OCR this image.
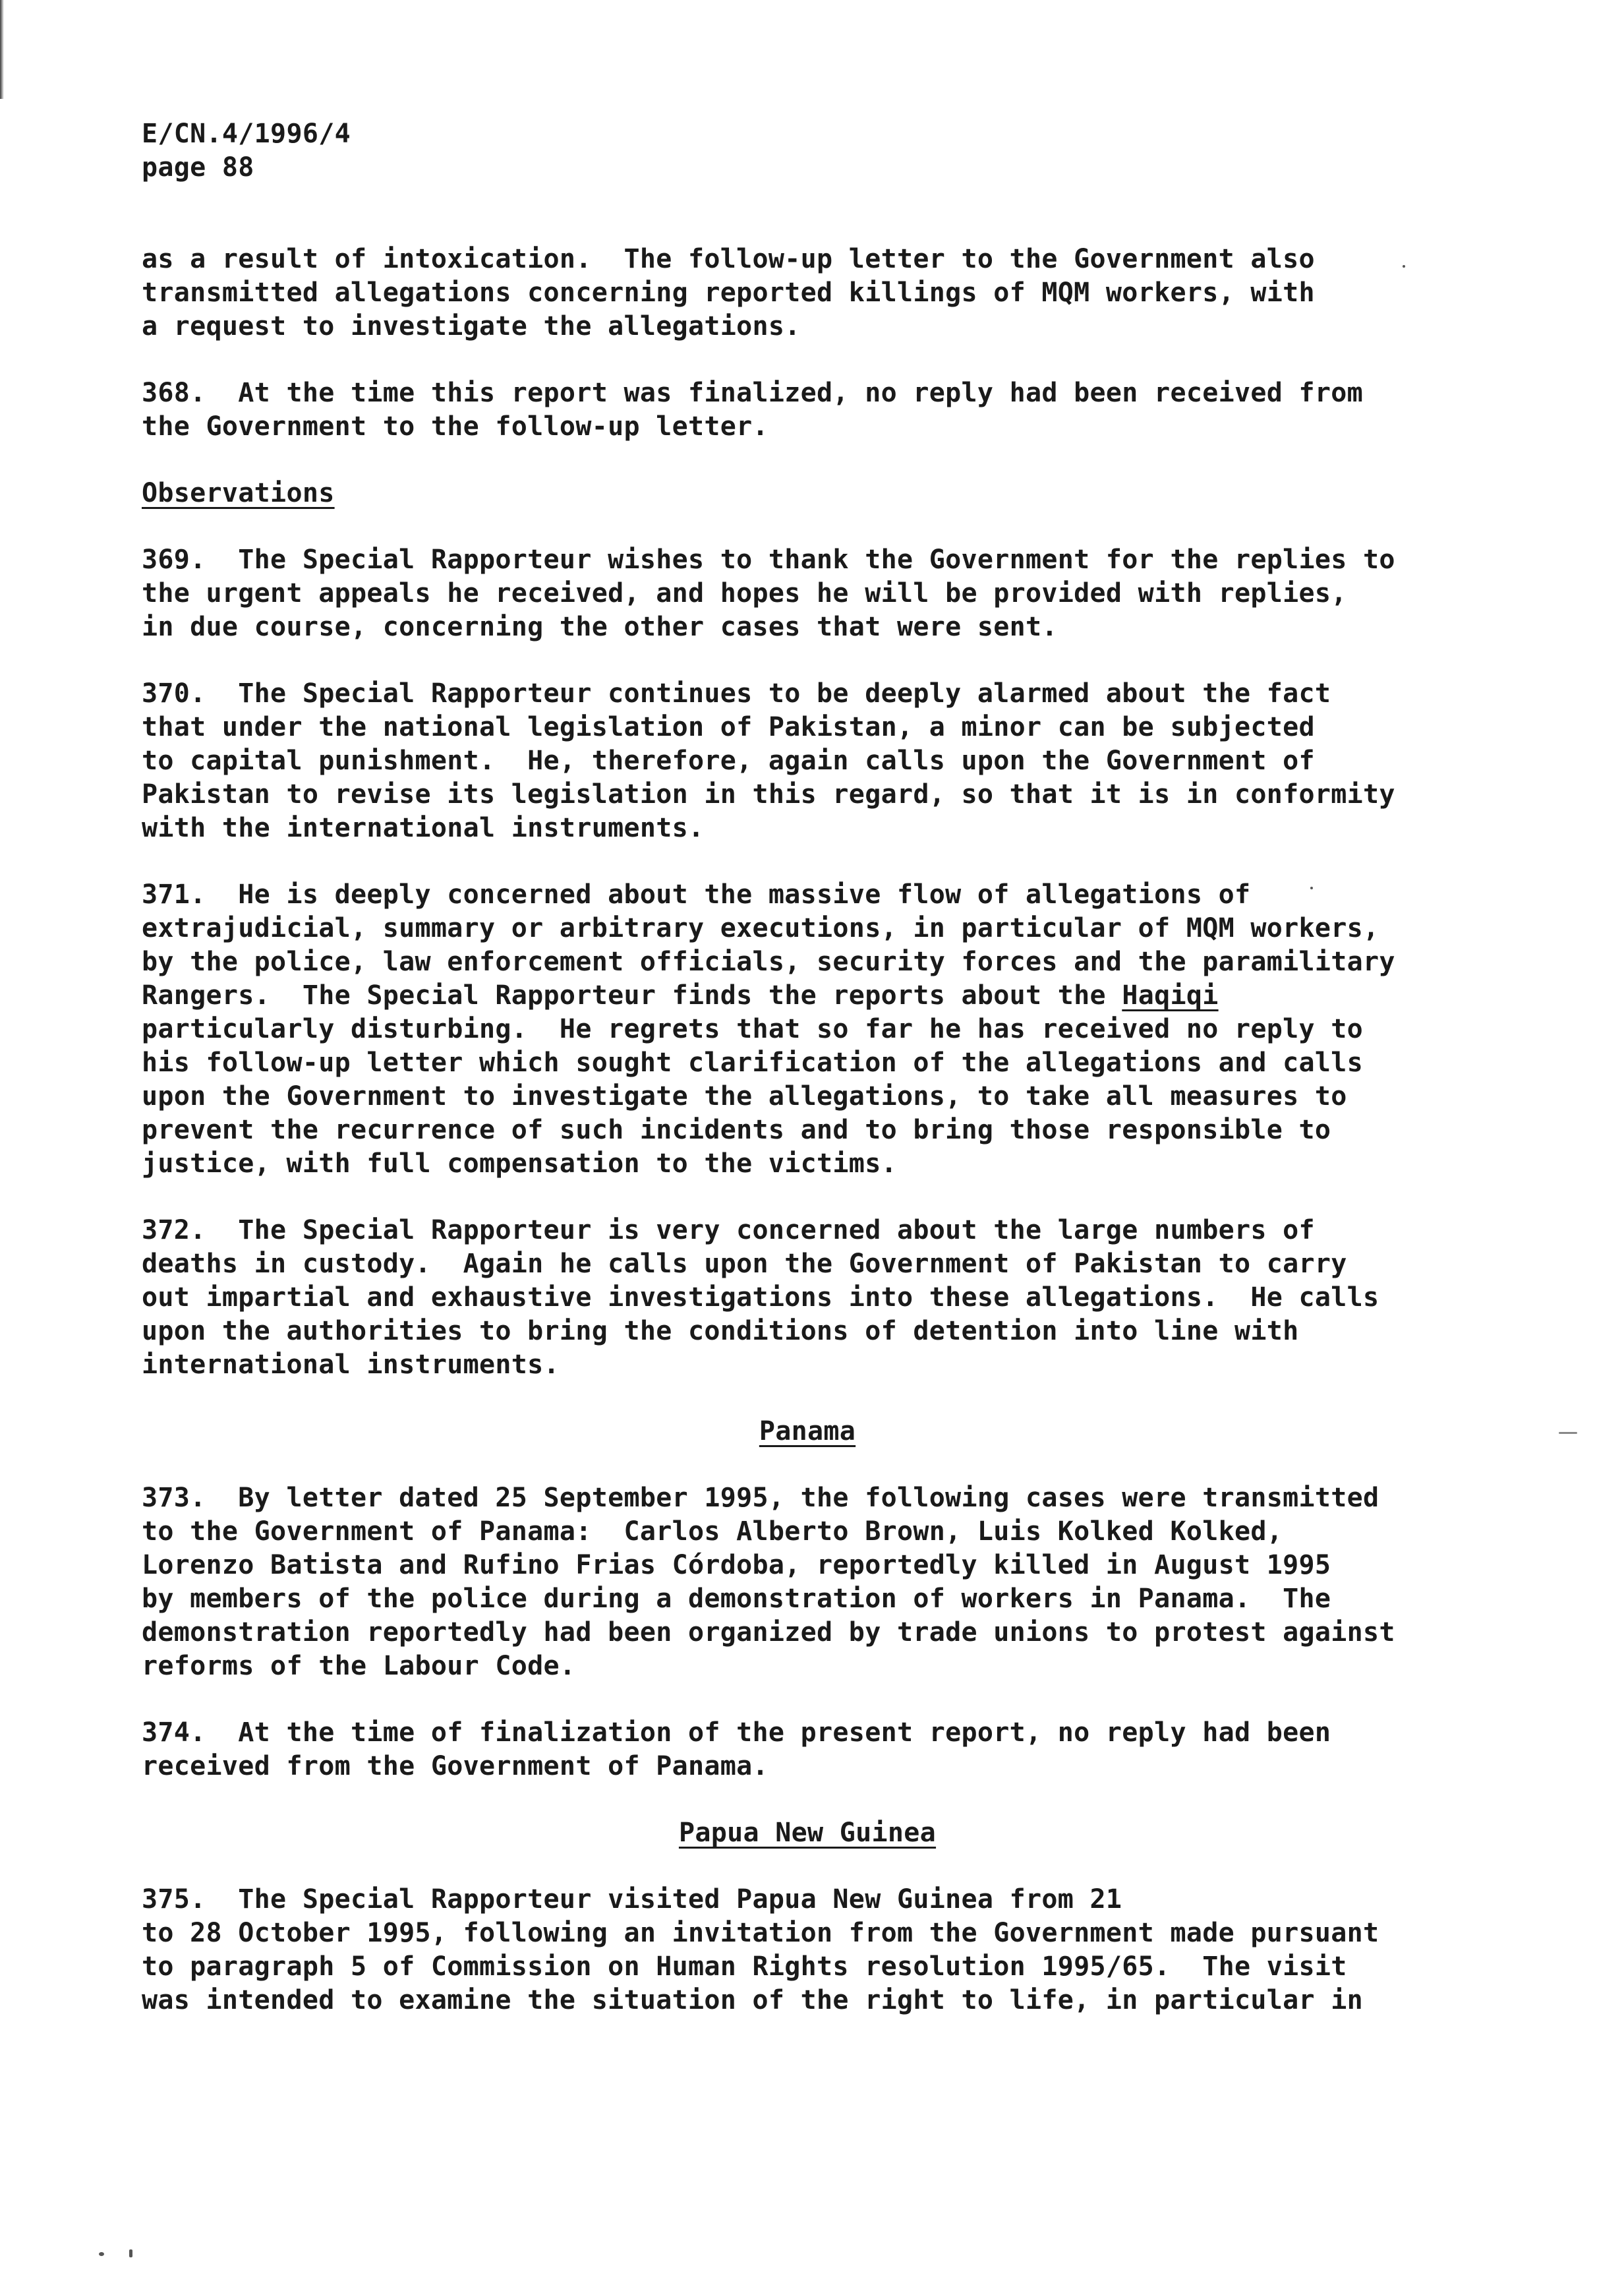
E/CN.4/1996/4
page 88
as a result of intoxication.  The follow-up letter to the Government also
transmitted allegations concerning reported killings of MQM workers, with
a request to investigate the allegations.
368.  At the time this report was finalized, no reply had been received from
the Government to the follow-up letter.
Observations
369.  The Special Rapporteur wishes to thank the Government for the replies to
the urgent appeals he received, and hopes he will be provided with replies,
in due course, concerning the other cases that were sent.
370.  The Special Rapporteur continues to be deeply alarmed about the fact
that under the national legislation of Pakistan, a minor can be subjected
to capital punishment.  He, therefore, again calls upon the Government of
Pakistan to revise its legislation in this regard, so that it is in conformity
with the international instruments.
371.  He is deeply concerned about the massive flow of allegations of
extrajudicial, summary or arbitrary executions, in particular of MQM workers,
by the police, law enforcement officials, security forces and the paramilitary
Rangers.  The Special Rapporteur finds the reports about the Haqiqi
particularly disturbing.  He regrets that so far he has received no reply to
his follow-up letter which sought clarification of the allegations and calls
upon the Government to investigate the allegations, to take all measures to
prevent the recurrence of such incidents and to bring those responsible to
justice, with full compensation to the victims.
372.  The Special Rapporteur is very concerned about the large numbers of
deaths in custody.  Again he calls upon the Government of Pakistan to carry
out impartial and exhaustive investigations into these allegations.  He calls
upon the authorities to bring the conditions of detention into line with
international instruments.
Panama
373.  By letter dated 25 September 1995, the following cases were transmitted
to the Government of Panama:  Carlos Alberto Brown, Luis Kolked Kolked,
Lorenzo Batista and Rufino Frias Córdoba, reportedly killed in August 1995
by members of the police during a demonstration of workers in Panama.  The
demonstration reportedly had been organized by trade unions to protest against
reforms of the Labour Code.
374.  At the time of finalization of the present report, no reply had been
received from the Government of Panama.
Papua New Guinea
375.  The Special Rapporteur visited Papua New Guinea from 21
to 28 October 1995, following an invitation from the Government made pursuant
to paragraph 5 of Commission on Human Rights resolution 1995/65.  The visit
was intended to examine the situation of the right to life, in particular in
